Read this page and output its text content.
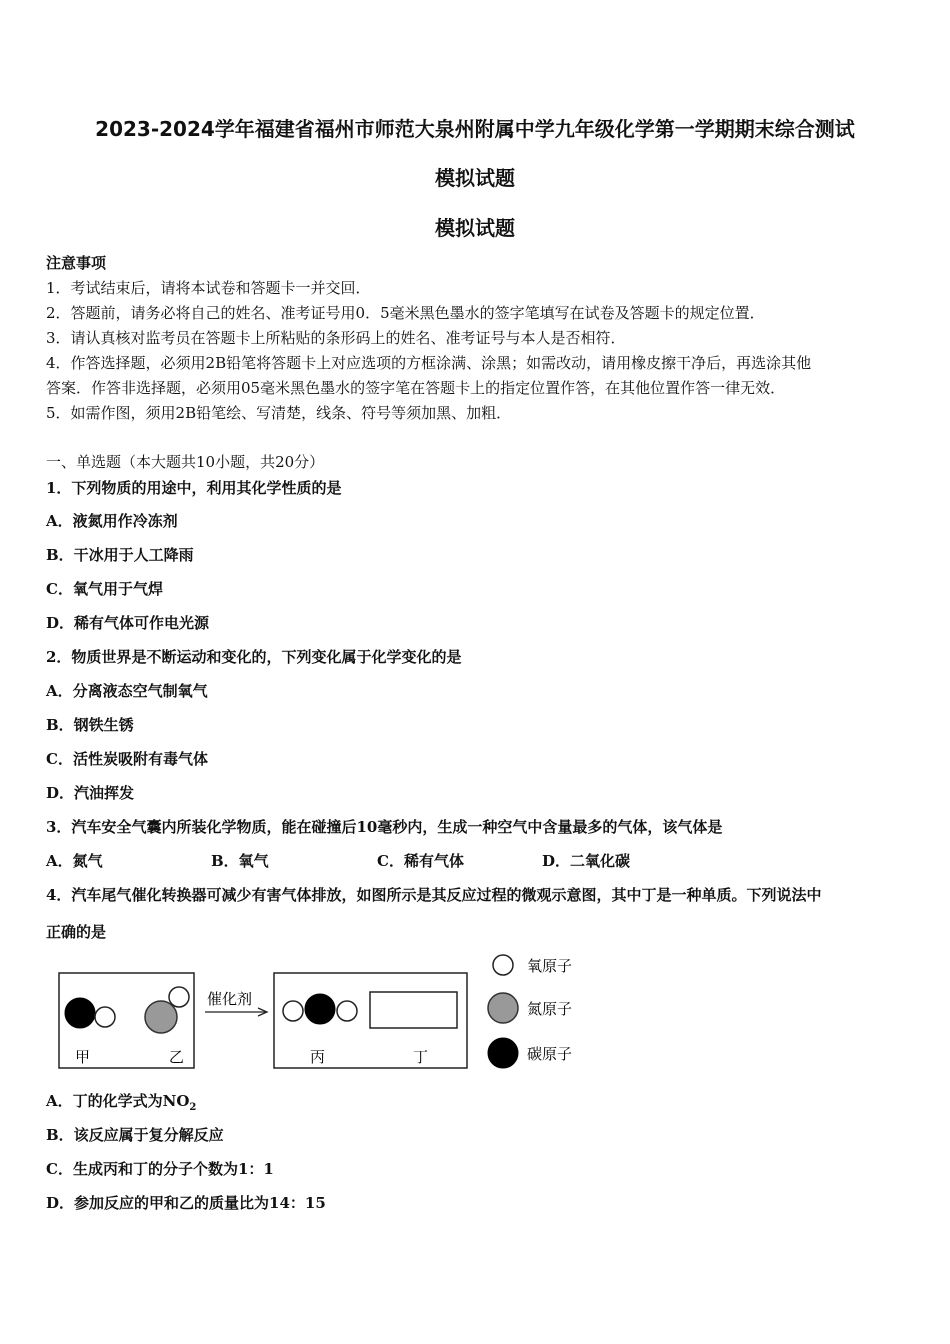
2023-2024学年福建省福州市师范大泉州附属中学九年级化学第一学期期末综合测试
模拟试题
模拟试题
注意事项
1．考试结束后，请将本试卷和答题卡一并交回．
2．答题前，请务必将自己的姓名、准考证号用0．5毫米黑色墨水的签字笔填写在试卷及答题卡的规定位置．
3．请认真核对监考员在答题卡上所粘贴的条形码上的姓名、准考证号与本人是否相符．
4．作答选择题，必须用2B铅笔将答题卡上对应选项的方框涂满、涂黑；如需改动，请用橡皮擦干净后，再选涂其他
答案．作答非选择题，必须用05毫米黑色墨水的签字笔在答题卡上的指定位置作答，在其他位置作答一律无效．
5．如需作图，须用2B铅笔绘、写清楚，线条、符号等须加黑、加粗．
一、单选题（本大题共10小题，共20分）
1．下列物质的用途中，利用其化学性质的是
A．液氮用作冷冻剂
B．干冰用于人工降雨
C．氧气用于气焊
D．稀有气体可作电光源
2．物质世界是不断运动和变化的，下列变化属于化学变化的是
A．分离液态空气制氧气
B．钢铁生锈
C．活性炭吸附有毒气体
D．汽油挥发
3．汽车安全气囊内所装化学物质，能在碰撞后10毫秒内，生成一种空气中含量最多的气体，该气体是
A．氮气	B．氧气	C．稀有气体	D．二氧化碳
4．汽车尾气催化转换器可减少有害气体排放，如图所示是其反应过程的微观示意图，其中丁是一种单质。下列说法中
正确的是
甲	乙
催化剂
丙	丁
氧原子
氮原子
碳原子
A．丁的化学式为$NO_2$
B．该反应属于复分解反应
C．生成丙和丁的分子个数为1：1
D．参加反应的甲和乙的质量比为14：15
